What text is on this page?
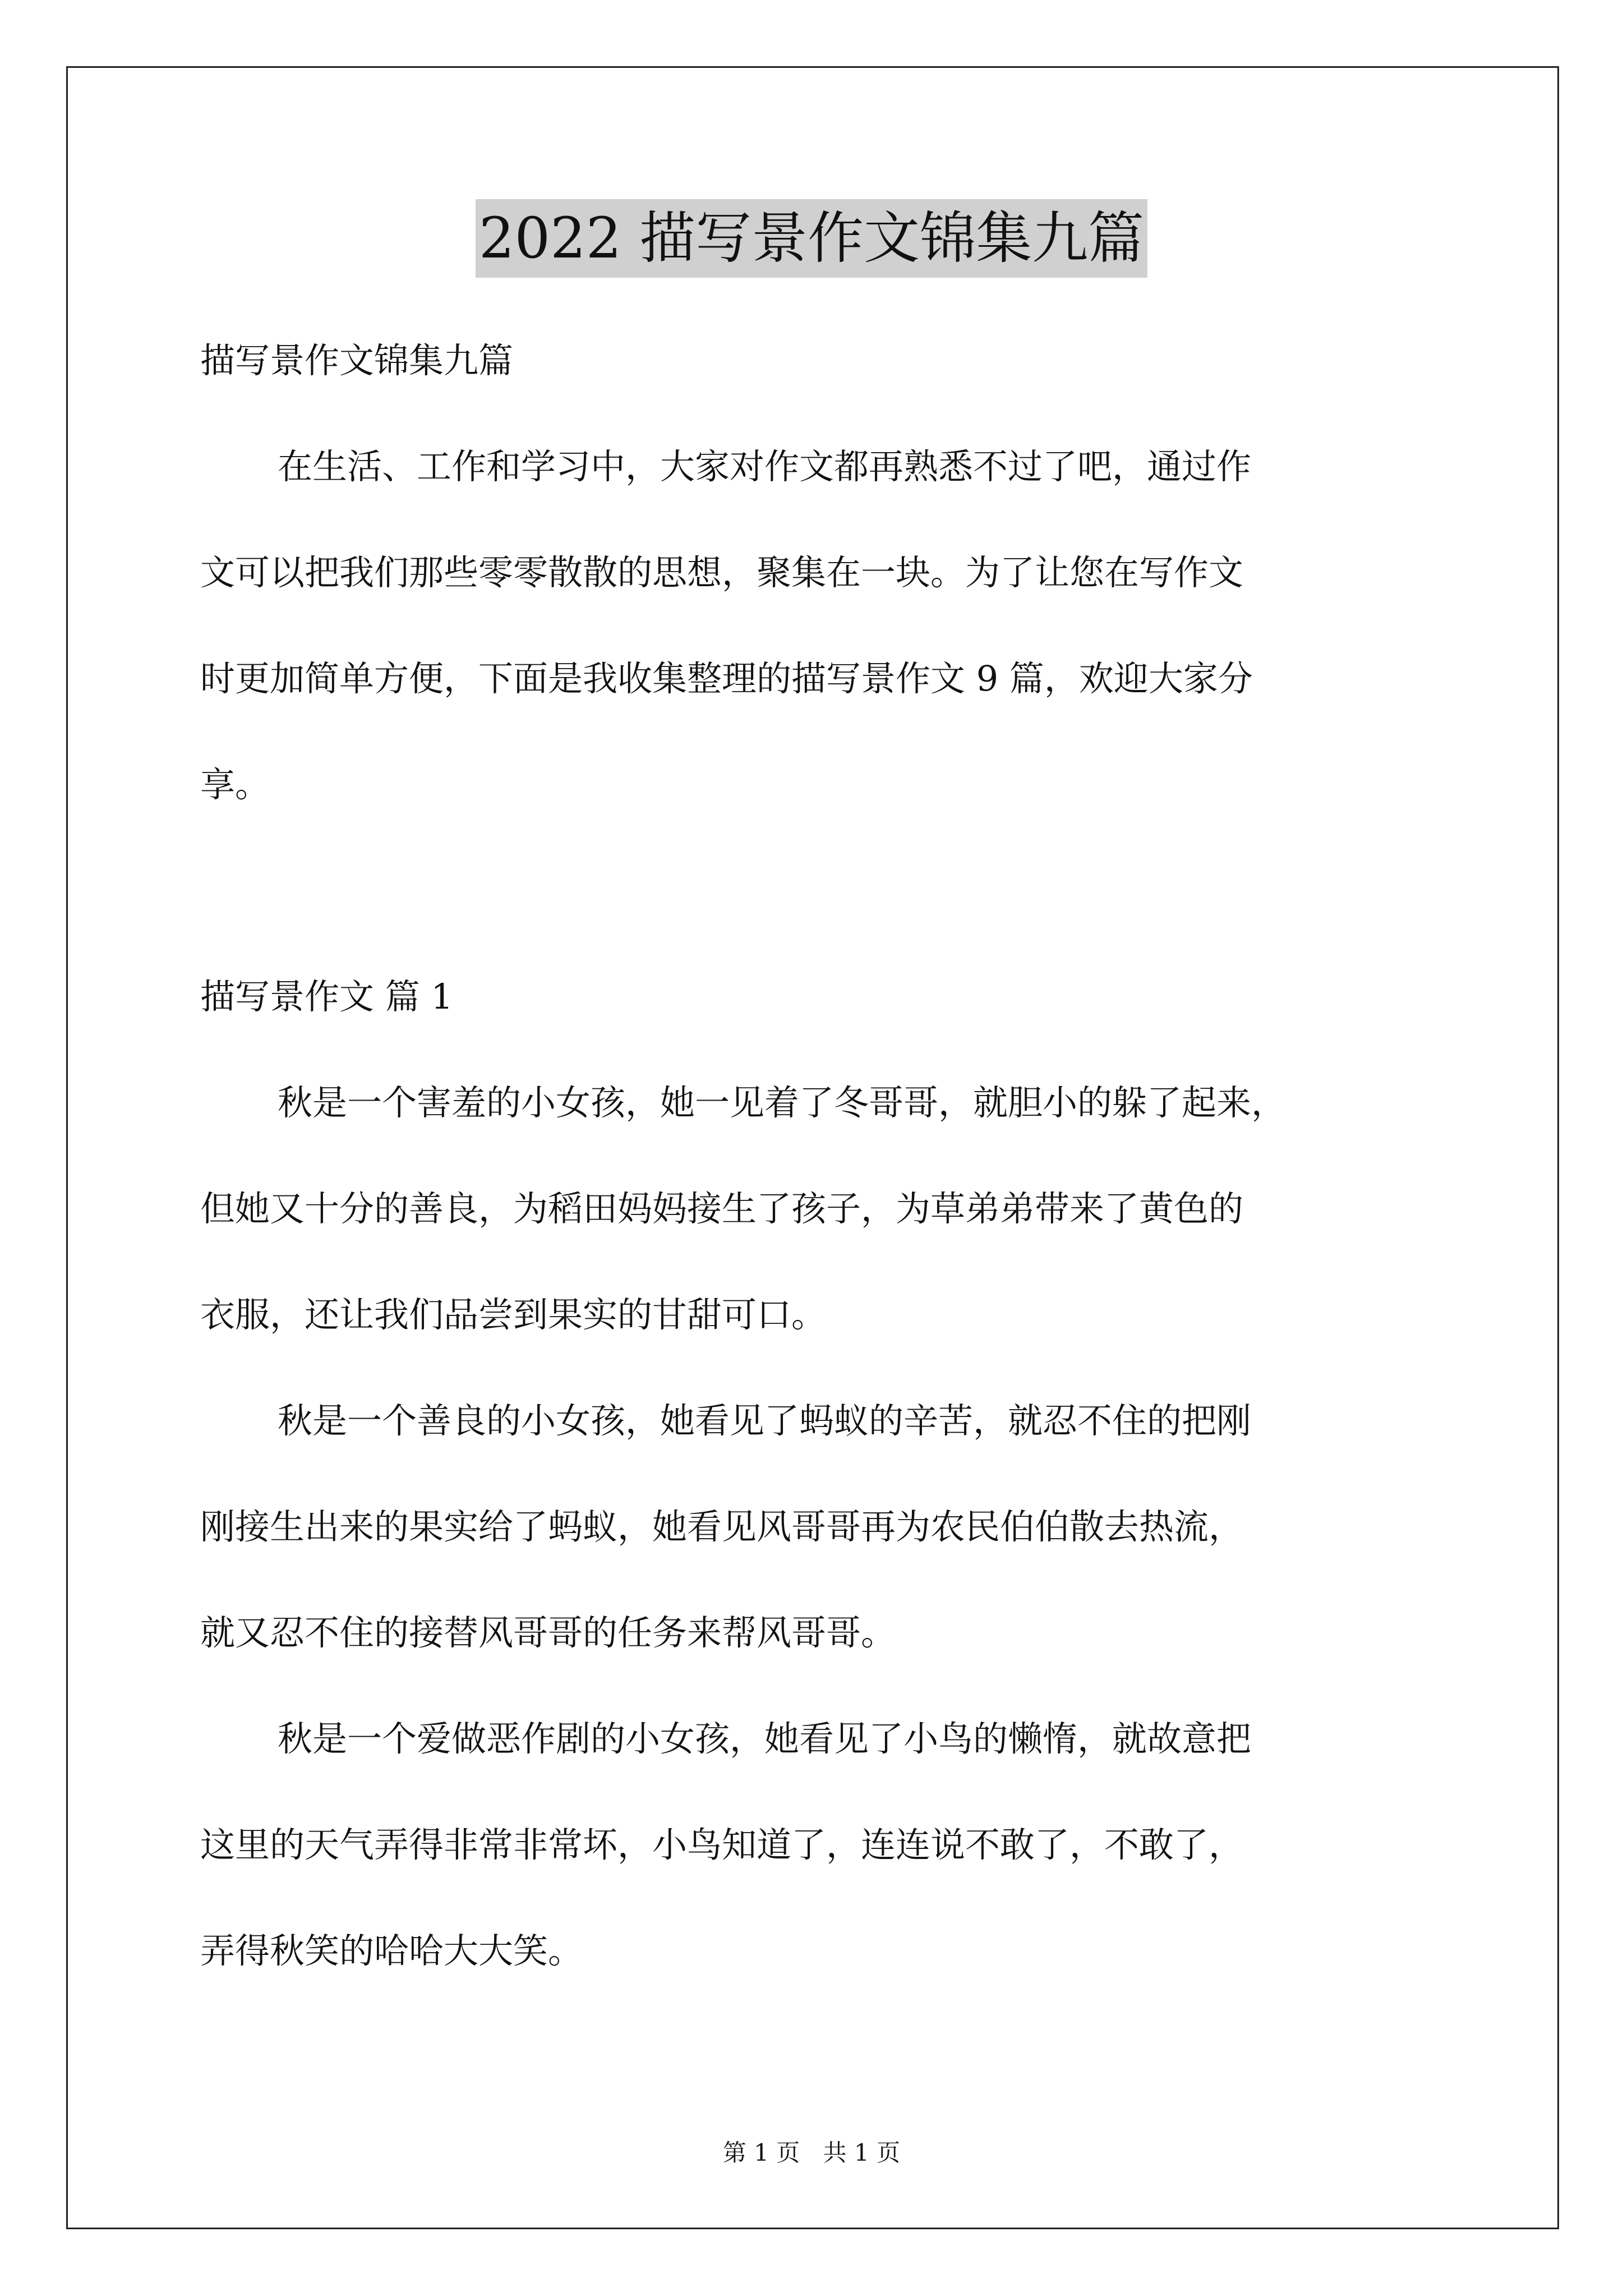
2022 描写景作文锦集九篇
描写景作文锦集九篇
在生活、工作和学习中，大家对作文都再熟悉不过了吧，通过作
文可以把我们那些零零散散的思想，聚集在一块。为了让您在写作文
时更加简单方便，下面是我收集整理的描写景作文 9 篇，欢迎大家分
享。
描写景作文 篇 1
秋是一个害羞的小女孩，她一见着了冬哥哥，就胆小的躲了起来，
但她又十分的善良，为稻田妈妈接生了孩子，为草弟弟带来了黄色的
衣服，还让我们品尝到果实的甘甜可口。
秋是一个善良的小女孩，她看见了蚂蚁的辛苦，就忍不住的把刚
刚接生出来的果实给了蚂蚁，她看见风哥哥再为农民伯伯散去热流，
就又忍不住的接替风哥哥的任务来帮风哥哥。
秋是一个爱做恶作剧的小女孩，她看见了小鸟的懒惰，就故意把
这里的天气弄得非常非常坏，小鸟知道了，连连说不敢了，不敢了，
弄得秋笑的哈哈大大笑。
第 1 页 共 1 页
